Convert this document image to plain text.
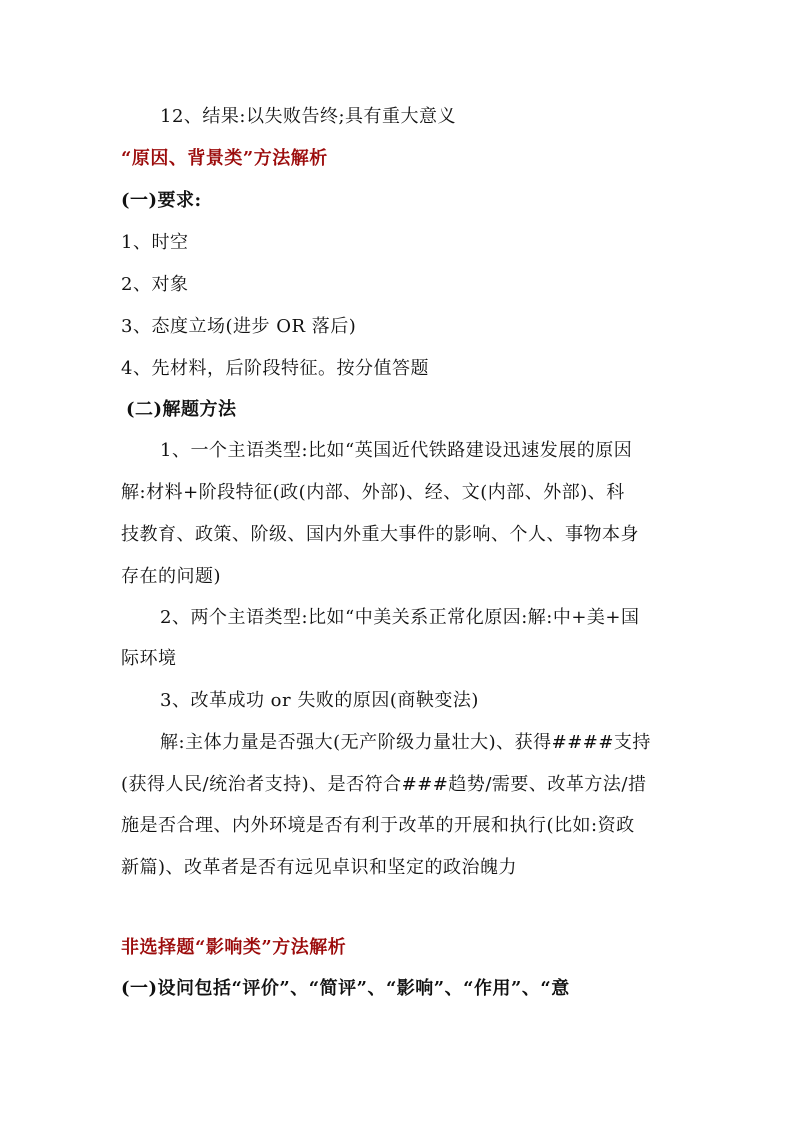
12、结果:以失败告终;具有重大意义
“原因、背景类”方法解析
(一)要求:
1、时空
2、对象
3、态度立场(进步 OR 落后)
4、先材料，后阶段特征。按分值答题
(二)解题方法
1、一个主语类型:比如“英国近代铁路建设迅速发展的原因
解:材料+阶段特征(政(内部、外部)、经、文(内部、外部)、科
技教育、政策、阶级、国内外重大事件的影响、个人、事物本身
存在的问题)
2、两个主语类型:比如“中美关系正常化原因:解:中+美+国
际环境
3、改革成功 or 失败的原因(商鞅变法)
解:主体力量是否强大(无产阶级力量壮大)、获得####支持
(获得人民/统治者支持)、是否符合###趋势/需要、改革方法/措
施是否合理、内外环境是否有利于改革的开展和执行(比如:资政
新篇)、改革者是否有远见卓识和坚定的政治魄力
非选择题“影响类”方法解析
(一)设问包括“评价”、“简评”、“影响”、“作用”、“意
